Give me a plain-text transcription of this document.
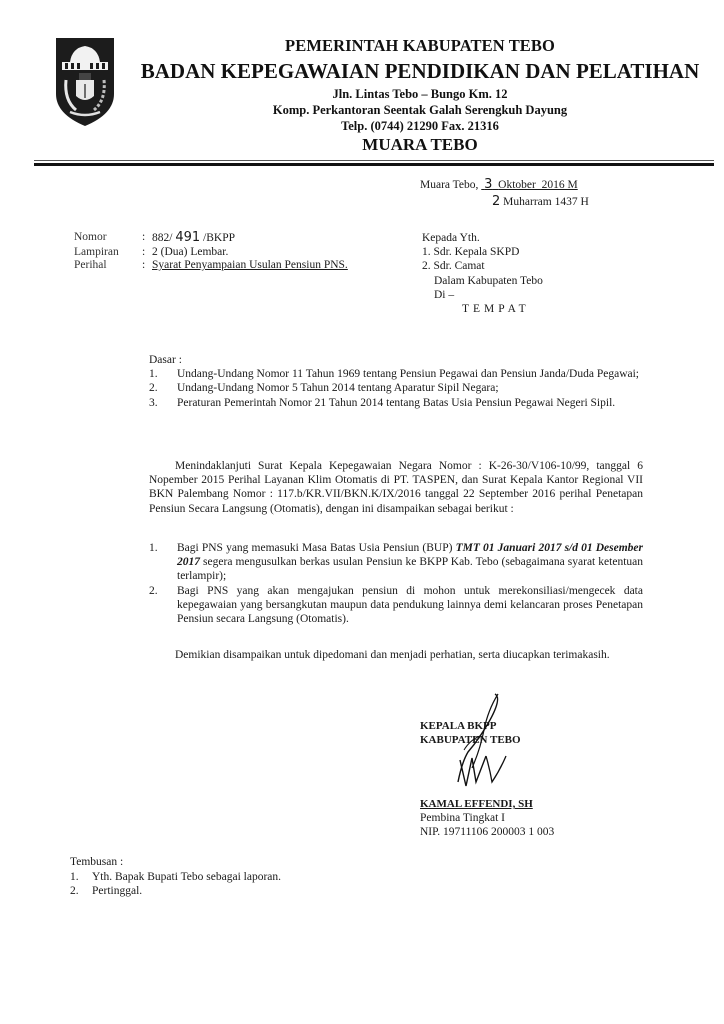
PEMERINTAH KABUPATEN TEBO
BADAN KEPEGAWAIAN PENDIDIKAN DAN PELATIHAN
Jln. Lintas Tebo – Bungo Km. 12
Komp. Perkantoran Seentak Galah Serengkuh Dayung
Telp. (0744) 21290 Fax. 21316
MUARA TEBO
Muara Tebo, 3 Oktober  2016 M
2 Muharram 1437 H
Nomor	:	882/ 491 /BKPP
Lampiran	:	2 (Dua) Lembar.
Perihal	:	Syarat Penyampaian Usulan Pensiun PNS.
Kepada Yth.
1. Sdr. Kepala SKPD
2. Sdr. Camat
Dalam Kabupaten Tebo
Di –
TEMPAT
Dasar :
1.	Undang-Undang Nomor 11 Tahun 1969 tentang Pensiun Pegawai dan Pensiun Janda/Duda Pegawai;
2.	Undang-Undang Nomor 5 Tahun 2014 tentang Aparatur Sipil Negara;
3.	Peraturan Pemerintah Nomor 21 Tahun 2014 tentang Batas Usia Pensiun Pegawai Negeri Sipil.

Menindaklanjuti Surat Kepala Kepegawaian Negara Nomor : K-26-30/V106-10/99, tanggal 6 Nopember 2015 Perihal Layanan Klim Otomatis di PT. TASPEN, dan Surat Kepala Kantor Regional VII BKN Palembang Nomor : 117.b/KR.VII/BKN.K/IX/2016 tanggal 22 September 2016 perihal Penetapan Pensiun Secara Langsung (Otomatis), dengan ini disampaikan sebagai berikut :

1.	Bagi PNS yang memasuki Masa Batas Usia Pensiun (BUP) TMT 01 Januari 2017 s/d 01 Desember 2017 segera mengusulkan berkas usulan Pensiun ke BKPP Kab. Tebo (sebagaimana syarat ketentuan terlampir);
2.	Bagi PNS yang akan mengajukan pensiun di mohon untuk merekonsiliasi/mengecek data kepegawaian yang bersangkutan maupun data pendukung lainnya demi kelancaran proses Penetapan Pensiun secara Langsung (Otomatis).

Demikian disampaikan untuk dipedomani dan menjadi perhatian, serta diucapkan terimakasih.

KEPALA BKPP
KABUPATEN TEBO
KAMAL EFFENDI, SH
Pembina Tingkat I
NIP. 19711106 200003 1 003
Tembusan :
1.	Yth. Bapak Bupati Tebo sebagai laporan.
2.	Pertinggal.
